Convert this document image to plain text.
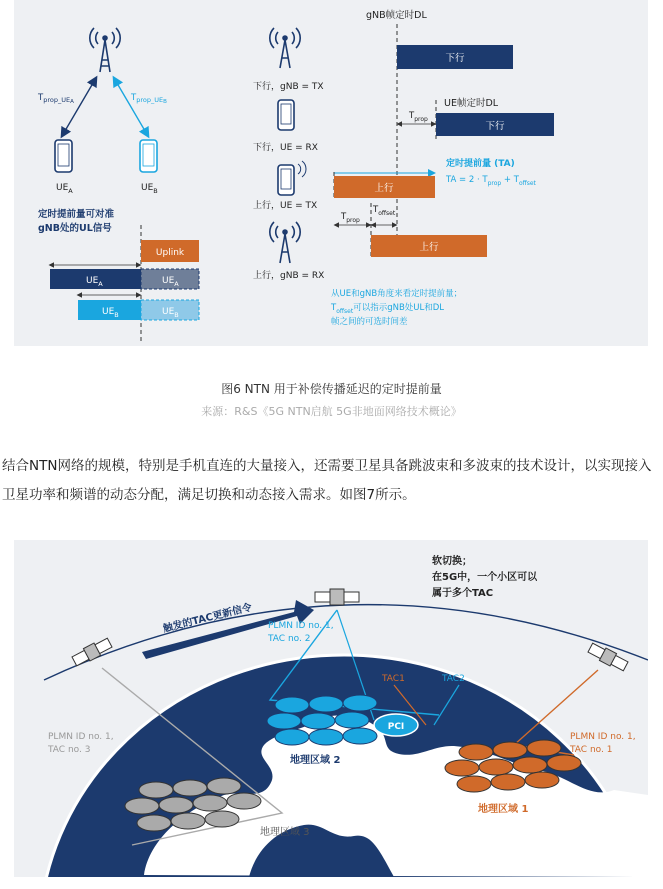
$T_{prop\_UE}A$	$T_{prop\_UE}B$
$UE_A$	$UE_B$
定时提前量可对准
gNB处的UL信号
Uplink
$UE_A$	$UE_A$
$UE_B$	$UE_B$
下行，gNB = TX
下行，UE = RX
上行，UE = TX
上行，gNB = RX
gNB帧定时DL
下行
UE帧定时DL
$T_{prop}$
下行
定时提前量 (TA)
TA = $2 \cdot T_{prop} + T_{offset}$
上行
$T_{prop}$
$T_{offset}$
上行
从UE和gNB角度来看定时提前量；
$T_{offset}$可以指示gNB处UL和DL
帧之间的可选时间差
图6 NTN 用于补偿传播延迟的定时提前量
来源：R&S《5G NTN启航 5G非地面网络技术概论》
结合NTN网络的规模，特别是手机直连的大量接入，还需要卫星具备跳波束和多波束的技术设计，以实现接入卫星功率和频谱的动态分配，满足切换和动态接入需求。如图7所示。
触发的TAC更新信令
软切换；
在5G中，一个小区可以
属于多个TAC
PCI
PLMN ID no. 1,
TAC no. 2
PLMN ID no. 1,
TAC no. 3
PLMN ID no. 1,
TAC no. 1
TAC1	TAC2
地理区域 2
地理区域 1
地理区域 3
